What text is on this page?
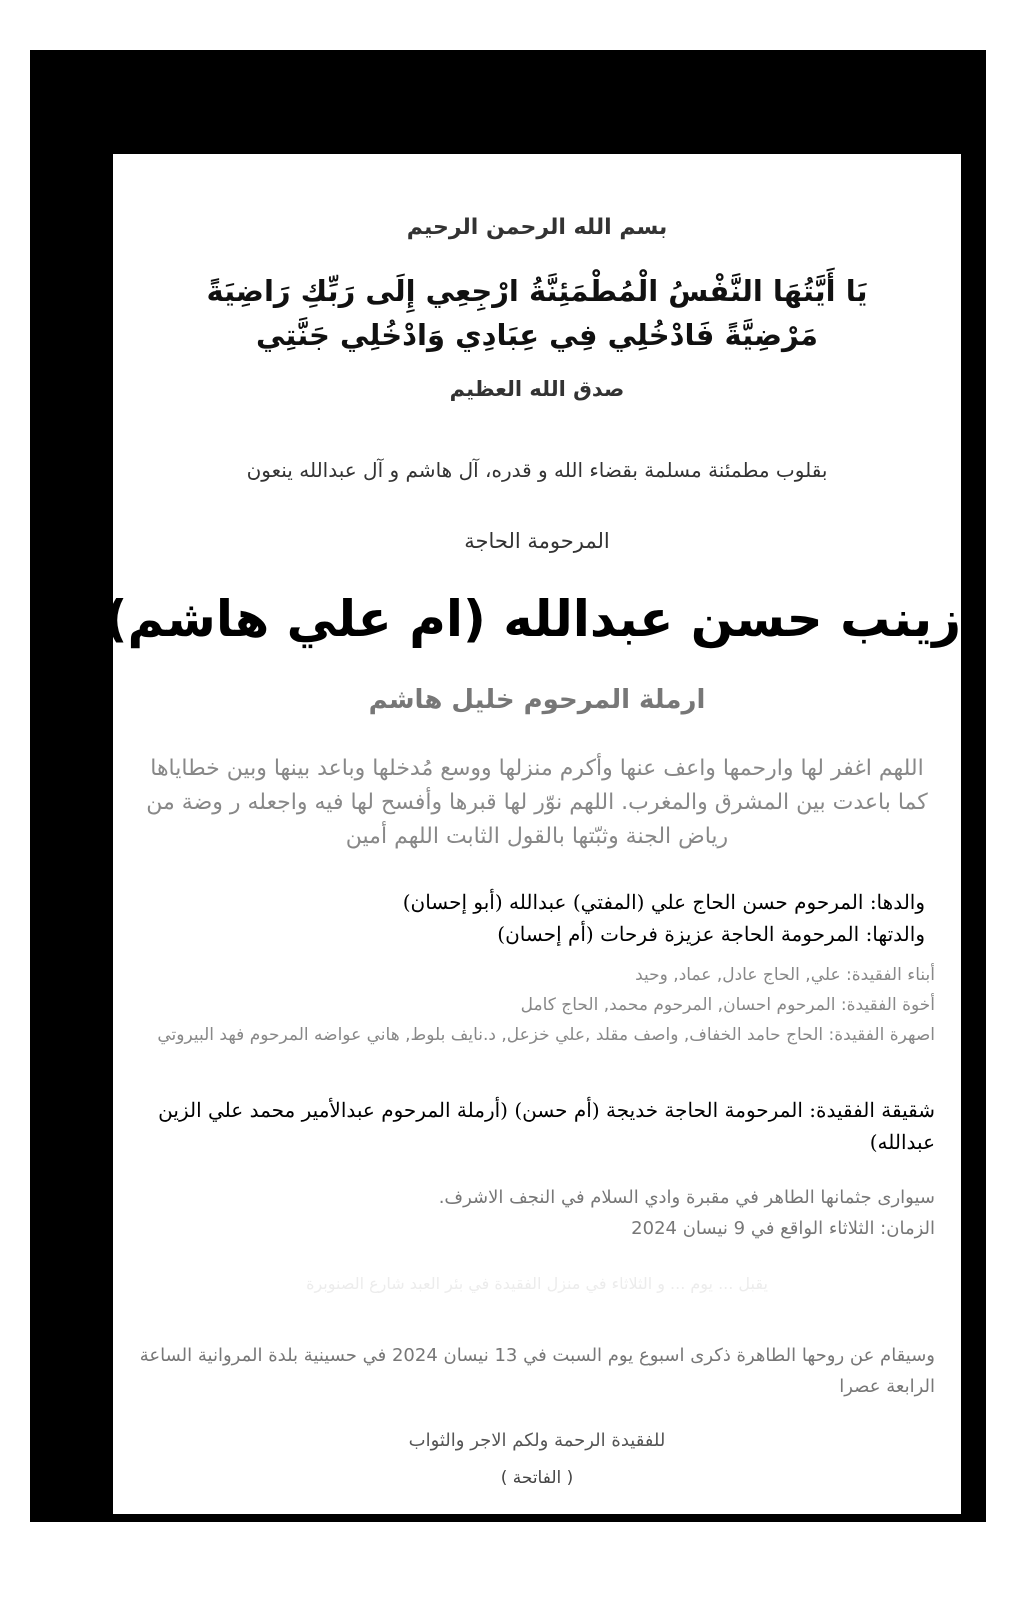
بسم الله الرحمن الرحيم
يَا أَيَّتُهَا النَّفْسُ الْمُطْمَئِنَّةُ ارْجِعِي إِلَى رَبِّكِ رَاضِيَةً مَرْضِيَّةً فَادْخُلِي فِي عِبَادِي وَادْخُلِي جَنَّتِي
صدق الله العظيم
بقلوب مطمئنة مسلمة بقضاء الله و قدره، آل هاشم و آل عبدالله ينعون
المرحومة الحاجة
زينب حسن عبدالله (ام علي هاشم)
ارملة المرحوم خليل هاشم
اللهم اغفر لها وارحمها واعف عنها وأكرم منزلها ووسع مُدخلها وباعد بينها وبين خطاياها كما باعدت بين المشرق والمغرب. اللهم نوّر لها قبرها وأفسح لها فيه واجعله ر وضة من رياض الجنة وثبّتها بالقول الثابت اللهم أمين
والدها: المرحوم حسن الحاج علي (المفتي) عبدالله (أبو إحسان)
والدتها: المرحومة الحاجة عزيزة فرحات (أم إحسان)
أبناء الفقيدة: علي, الحاج عادل, عماد, وحيد
أخوة الفقيدة: المرحوم احسان, المرحوم محمد, الحاج كامل
اصهرة الفقيدة: الحاج حامد الخفاف, واصف مقلد ,علي خزعل, د.نايف بلوط, هاني عواضه المرحوم فهد البيروتي
شقيقة الفقيدة: المرحومة الحاجة خديجة (أم حسن) (أرملة المرحوم عبدالأمير محمد علي الزين عبدالله)
سيوارى جثمانها الطاهر في مقبرة وادي السلام في النجف الاشرف.
الزمان: الثلاثاء الواقع في 9 نيسان 2024
يقبل ... يوم ... و الثلاثاء في منزل الفقيدة في بئر العبد شارع الصنوبرة
وسيقام عن روحها الطاهرة ذكرى اسبوع يوم السبت في 13 نيسان 2024 في حسينية بلدة المروانية الساعة الرابعة عصرا
للفقيدة الرحمة ولكم الاجر والثواب
( الفاتحة )
